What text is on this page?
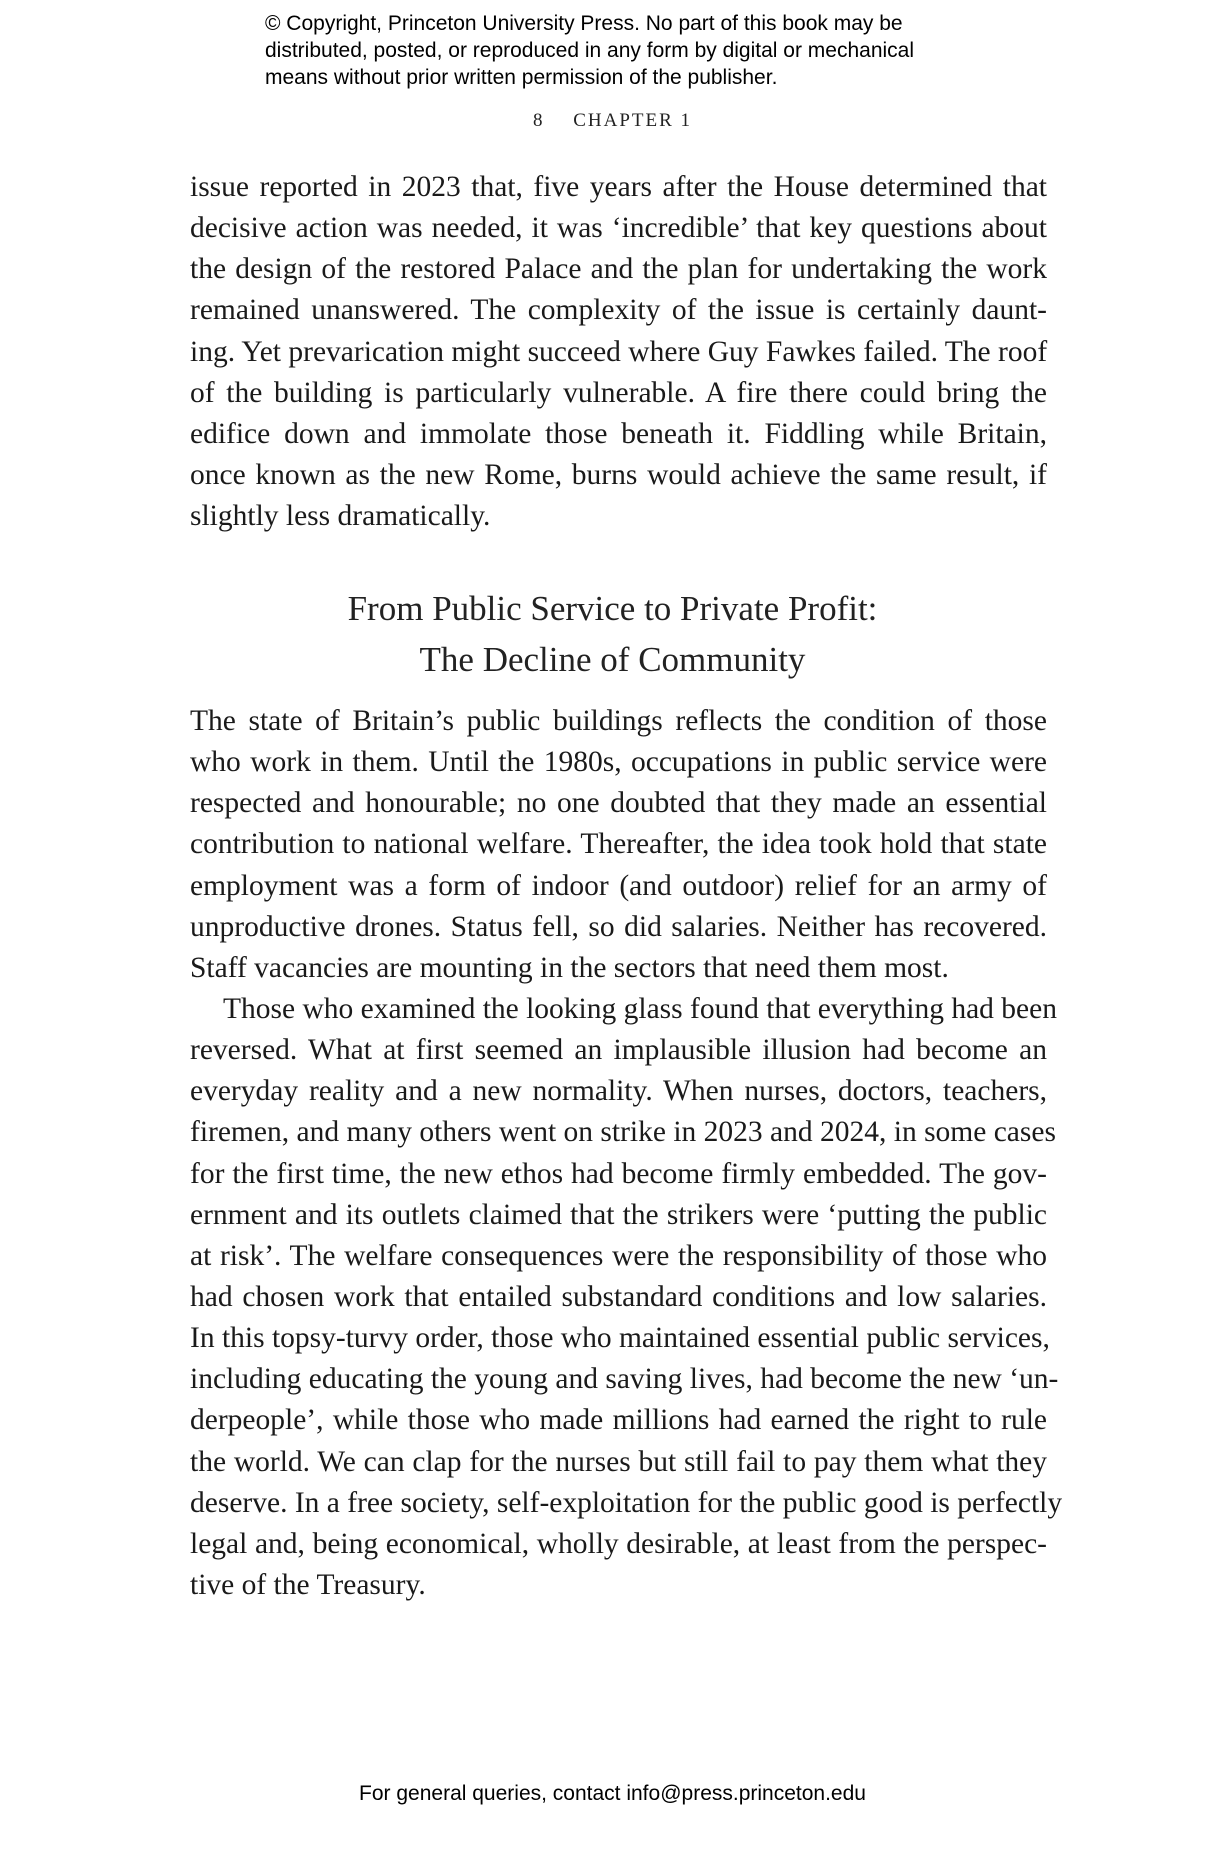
© Copyright, Princeton University Press. No part of this book may be
distributed, posted, or reproduced in any form by digital or mechanical
means without prior written permission of the publisher.
8 CHAPTER 1
issue reported in 2023 that, five years after the House determined that
decisive action was needed, it was ‘incredible’ that key questions about
the design of the restored Palace and the plan for undertaking the work
remained unanswered. The complexity of the issue is certainly daunt-
ing. Yet prevarication might succeed where Guy Fawkes failed. The roof
of the building is particularly vulnerable. A fire there could bring the
edifice down and immolate those beneath it. Fiddling while Britain,
once known as the new Rome, burns would achieve the same result, if
slightly less dramatically.
From Public Service to Private Profit:
The Decline of Community
The state of Britain’s public buildings reflects the condition of those
who work in them. Until the 1980s, occupations in public service were
respected and honourable; no one doubted that they made an essential
contribution to national welfare. Thereafter, the idea took hold that state
employment was a form of indoor (and outdoor) relief for an army of
unproductive drones. Status fell, so did salaries. Neither has recovered.
Staff vacancies are mounting in the sectors that need them most.
Those who examined the looking glass found that everything had been
reversed. What at first seemed an implausible illusion had become an
everyday reality and a new normality. When nurses, doctors, teachers,
firemen, and many others went on strike in 2023 and 2024, in some cases
for the first time, the new ethos had become firmly embedded. The gov-
ernment and its outlets claimed that the strikers were ‘putting the public
at risk’. The welfare consequences were the responsibility of those who
had chosen work that entailed substandard conditions and low salaries.
In this topsy-turvy order, those who maintained essential public services,
including educating the young and saving lives, had become the new ‘un-
derpeople’, while those who made millions had earned the right to rule
the world. We can clap for the nurses but still fail to pay them what they
deserve. In a free society, self-exploitation for the public good is perfectly
legal and, being economical, wholly desirable, at least from the perspec-
tive of the Treasury.
For general queries, contact info@press.princeton.edu
